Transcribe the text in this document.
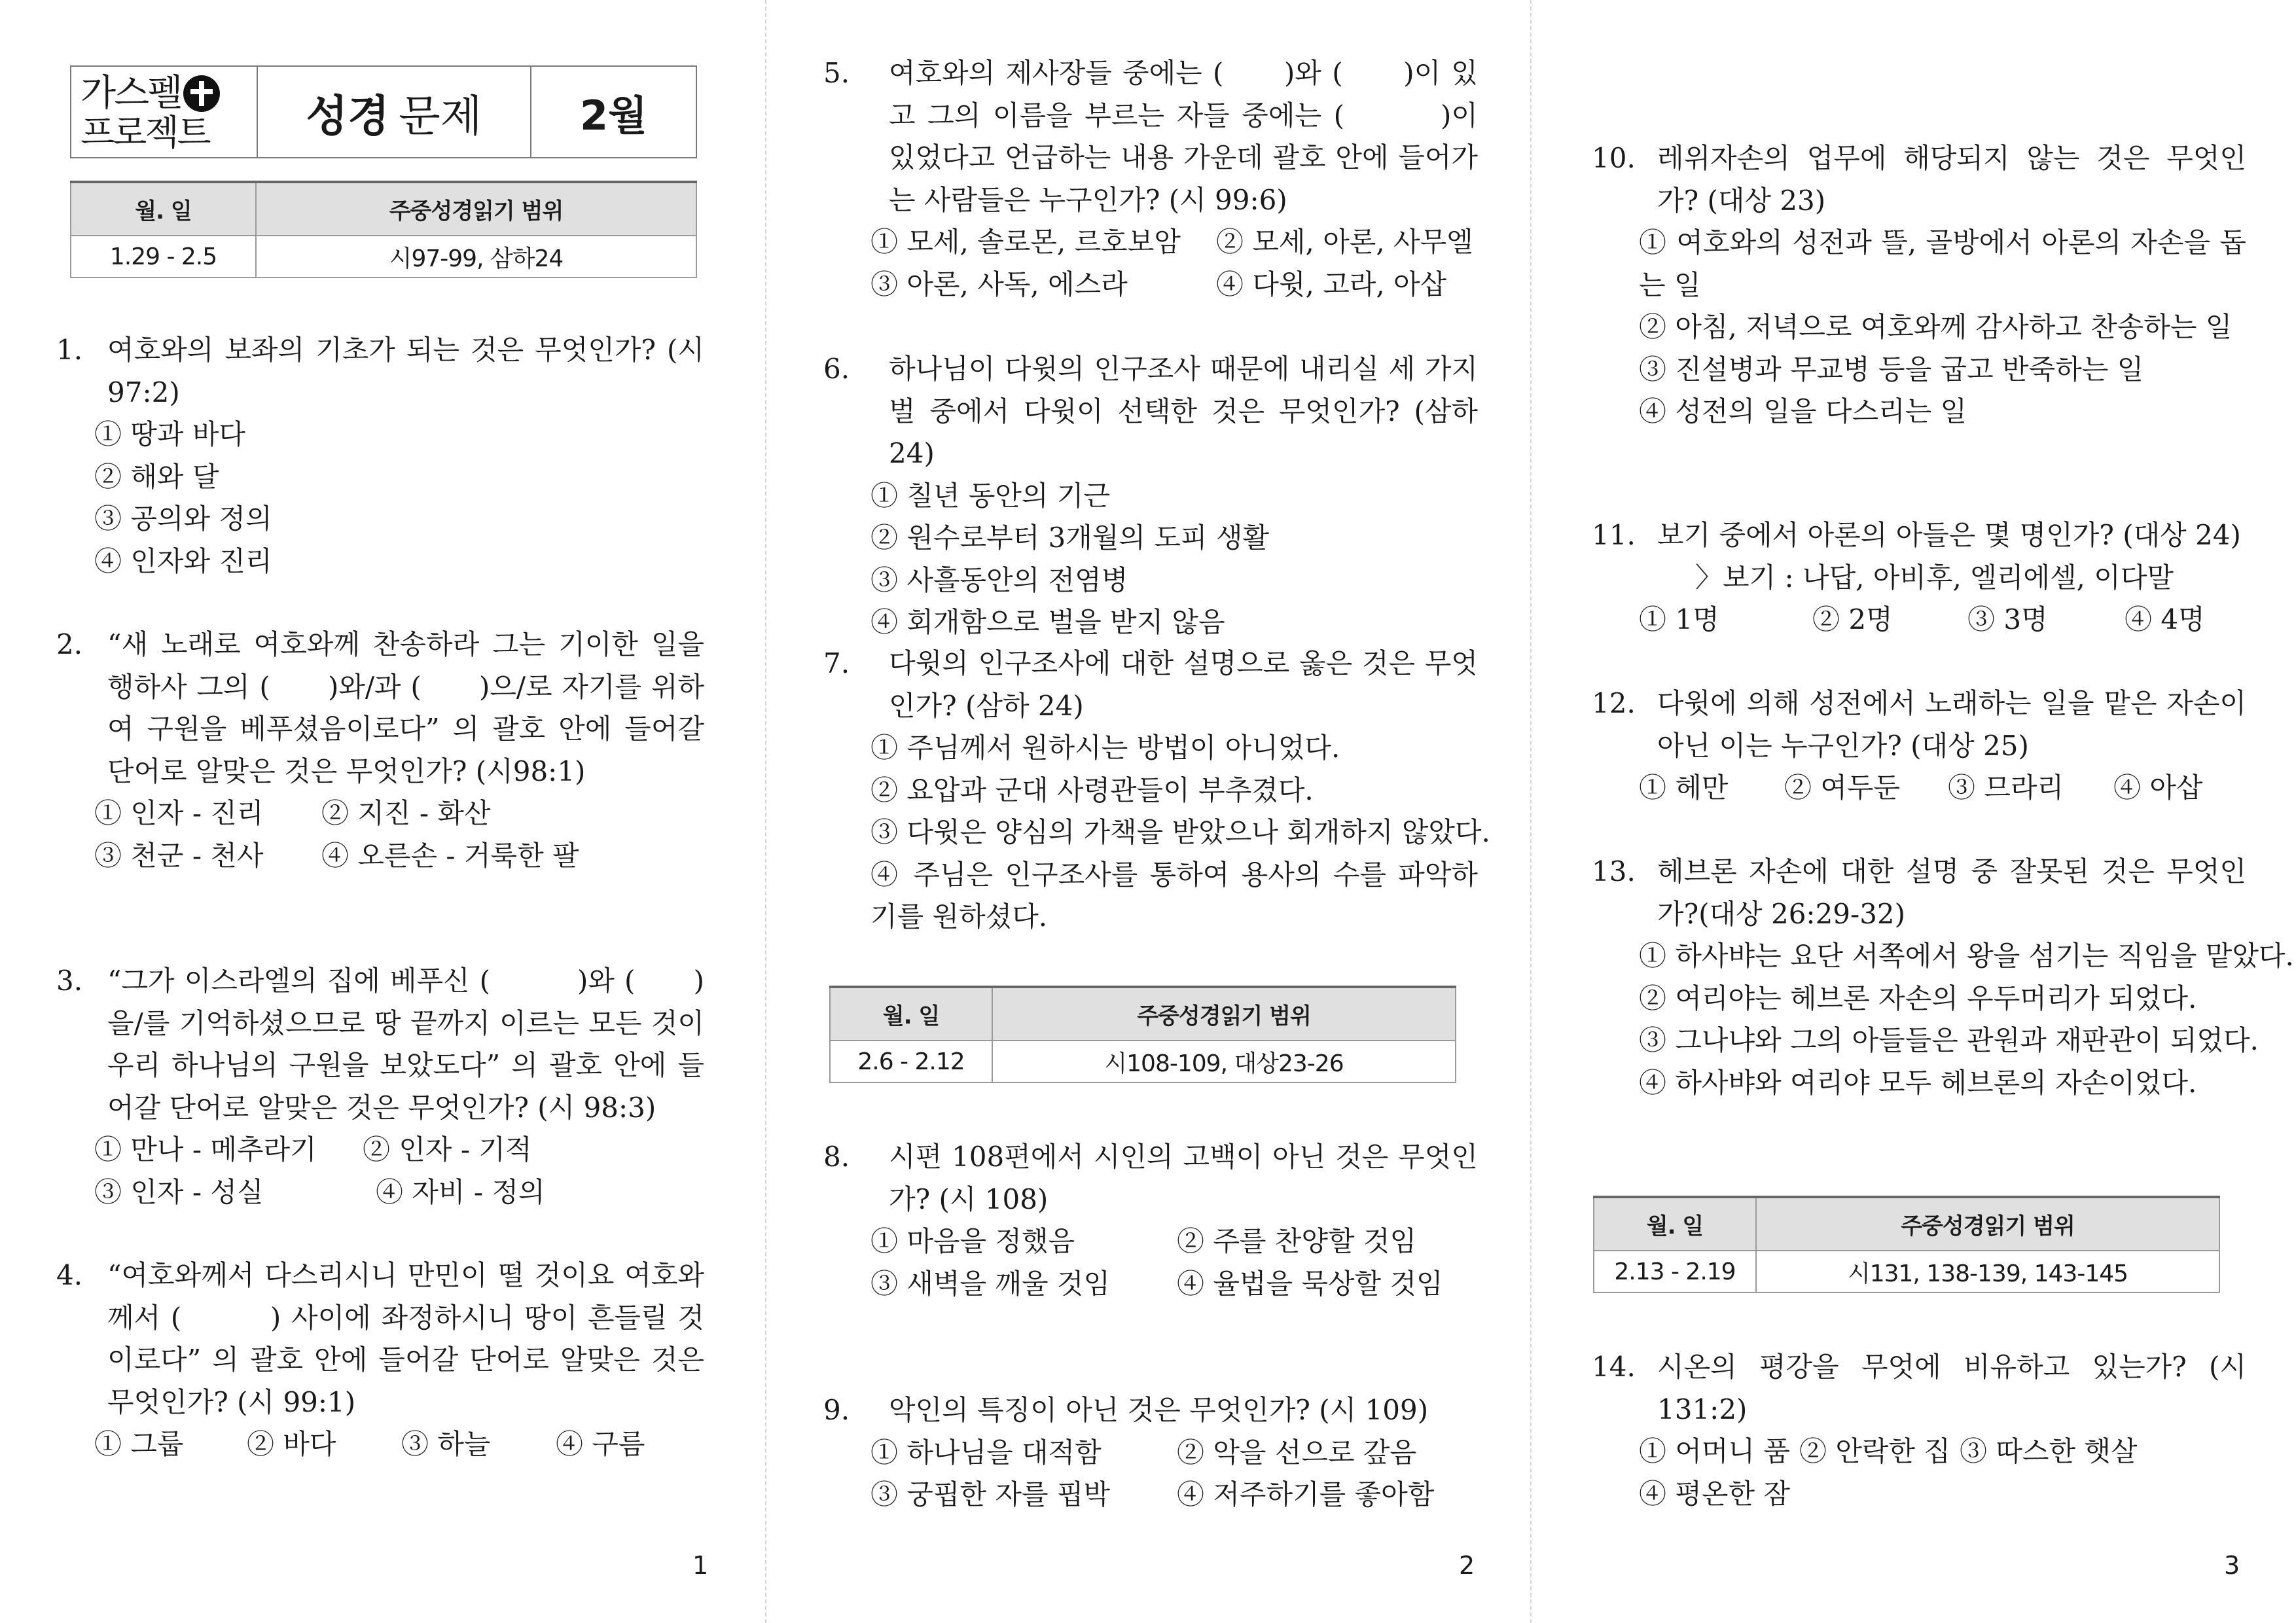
가스펠
프로젝트	성경 문제	2월
월. 일	주중성경읽기 범위
1.29 - 2.5	시97-99, 삼하24
1. 여호와의 보좌의 기초가 되는 것은 무엇인가? (시 97:2)
① 땅과 바다
② 해와 달
③ 공의와 정의
④ 인자와 진리
2. “새 노래로 여호와께 찬송하라 그는 기이한 일을 행하사 그의 (　　)와/과 (　　)으/로 자기를 위하여 구원을 베푸셨음이로다” 의 괄호 안에 들어갈 단어로 알맞은 것은 무엇인가? (시98:1)
① 인자 - 진리	② 지진 - 화산
③ 천군 - 천사	④ 오른손 - 거룩한 팔
3. “그가 이스라엘의 집에 베푸신 (　　　)와 (　　)을/를 기억하셨으므로 땅 끝까지 이르는 모든 것이 우리 하나님의 구원을 보았도다” 의 괄호 안에 들어갈 단어로 알맞은 것은 무엇인가? (시 98:3)
① 만나 - 메추라기	② 인자 - 기적
③ 인자 - 성실	④ 자비 - 정의
4. “여호와께서 다스리시니 만민이 떨 것이요 여호와께서 (　　　) 사이에 좌정하시니 땅이 흔들릴 것이로다” 의 괄호 안에 들어갈 단어로 알맞은 것은 무엇인가? (시 99:1)
① 그룹	② 바다	③ 하늘	④ 구름
1
5.	여호와의 제사장들 중에는 (　　)와 (　　)이 있고 그의 이름을 부르는 자들 중에는 (　　　)이 있었다고 언급하는 내용 가운데 괄호 안에 들어가는 사람들은 누구인가? (시 99:6)
① 모세, 솔로몬, 르호보암	② 모세, 아론, 사무엘
③ 아론, 사독, 에스라	④ 다윗, 고라, 아삽
6.	하나님이 다윗의 인구조사 때문에 내리실 세 가지 벌 중에서 다윗이 선택한 것은 무엇인가? (삼하 24)
① 칠년 동안의 기근
② 원수로부터 3개월의 도피 생활
③ 사흘동안의 전염병
④ 회개함으로 벌을 받지 않음
7.	다윗의 인구조사에 대한 설명으로 옳은 것은 무엇인가? (삼하 24)
① 주님께서 원하시는 방법이 아니었다.
② 요압과 군대 사령관들이 부추겼다.
③ 다윗은 양심의 가책을 받았으나 회개하지 않았다.
④ 주님은 인구조사를 통하여 용사의 수를 파악하기를 원하셨다.
월. 일	주중성경읽기 범위
2.6 - 2.12	시108-109, 대상23-26
8.	시편 108편에서 시인의 고백이 아닌 것은 무엇인가? (시 108)
① 마음을 정했음	② 주를 찬양할 것임
③ 새벽을 깨울 것임	④ 율법을 묵상할 것임
9.	악인의 특징이 아닌 것은 무엇인가? (시 109)
① 하나님을 대적함	② 악을 선으로 갚음
③ 궁핍한 자를 핍박	④ 저주하기를 좋아함
2
10. 레위자손의 업무에 해당되지 않는 것은 무엇인가? (대상 23)
① 여호와의 성전과 뜰, 골방에서 아론의 자손을 돕는 일
② 아침, 저녁으로 여호와께 감사하고 찬송하는 일
③ 진설병과 무교병 등을 굽고 반죽하는 일
④ 성전의 일을 다스리는 일
11. 보기 중에서 아론의 아들은 몇 명인가? (대상 24)
〉보기 : 나답, 아비후, 엘리에셀, 이다말
① 1명	② 2명	③ 3명	④ 4명
12. 다윗에 의해 성전에서 노래하는 일을 맡은 자손이 아닌 이는 누구인가? (대상 25)
① 헤만	② 여두둔	③ 므라리	④ 아삽
13. 헤브론 자손에 대한 설명 중 잘못된 것은 무엇인가?(대상 26:29-32)
① 하사뱌는 요단 서쪽에서 왕을 섬기는 직임을 맡았다.
② 여리야는 헤브론 자손의 우두머리가 되었다.
③ 그나냐와 그의 아들들은 관원과 재판관이 되었다.
④ 하사뱌와 여리야 모두 헤브론의 자손이었다.
월. 일	주중성경읽기 범위
2.13 - 2.19	시131, 138-139, 143-145
14. 시온의 평강을 무엇에 비유하고 있는가? (시 131:2)
① 어머니 품 ② 안락한 집 ③ 따스한 햇살
④ 평온한 잠
3
